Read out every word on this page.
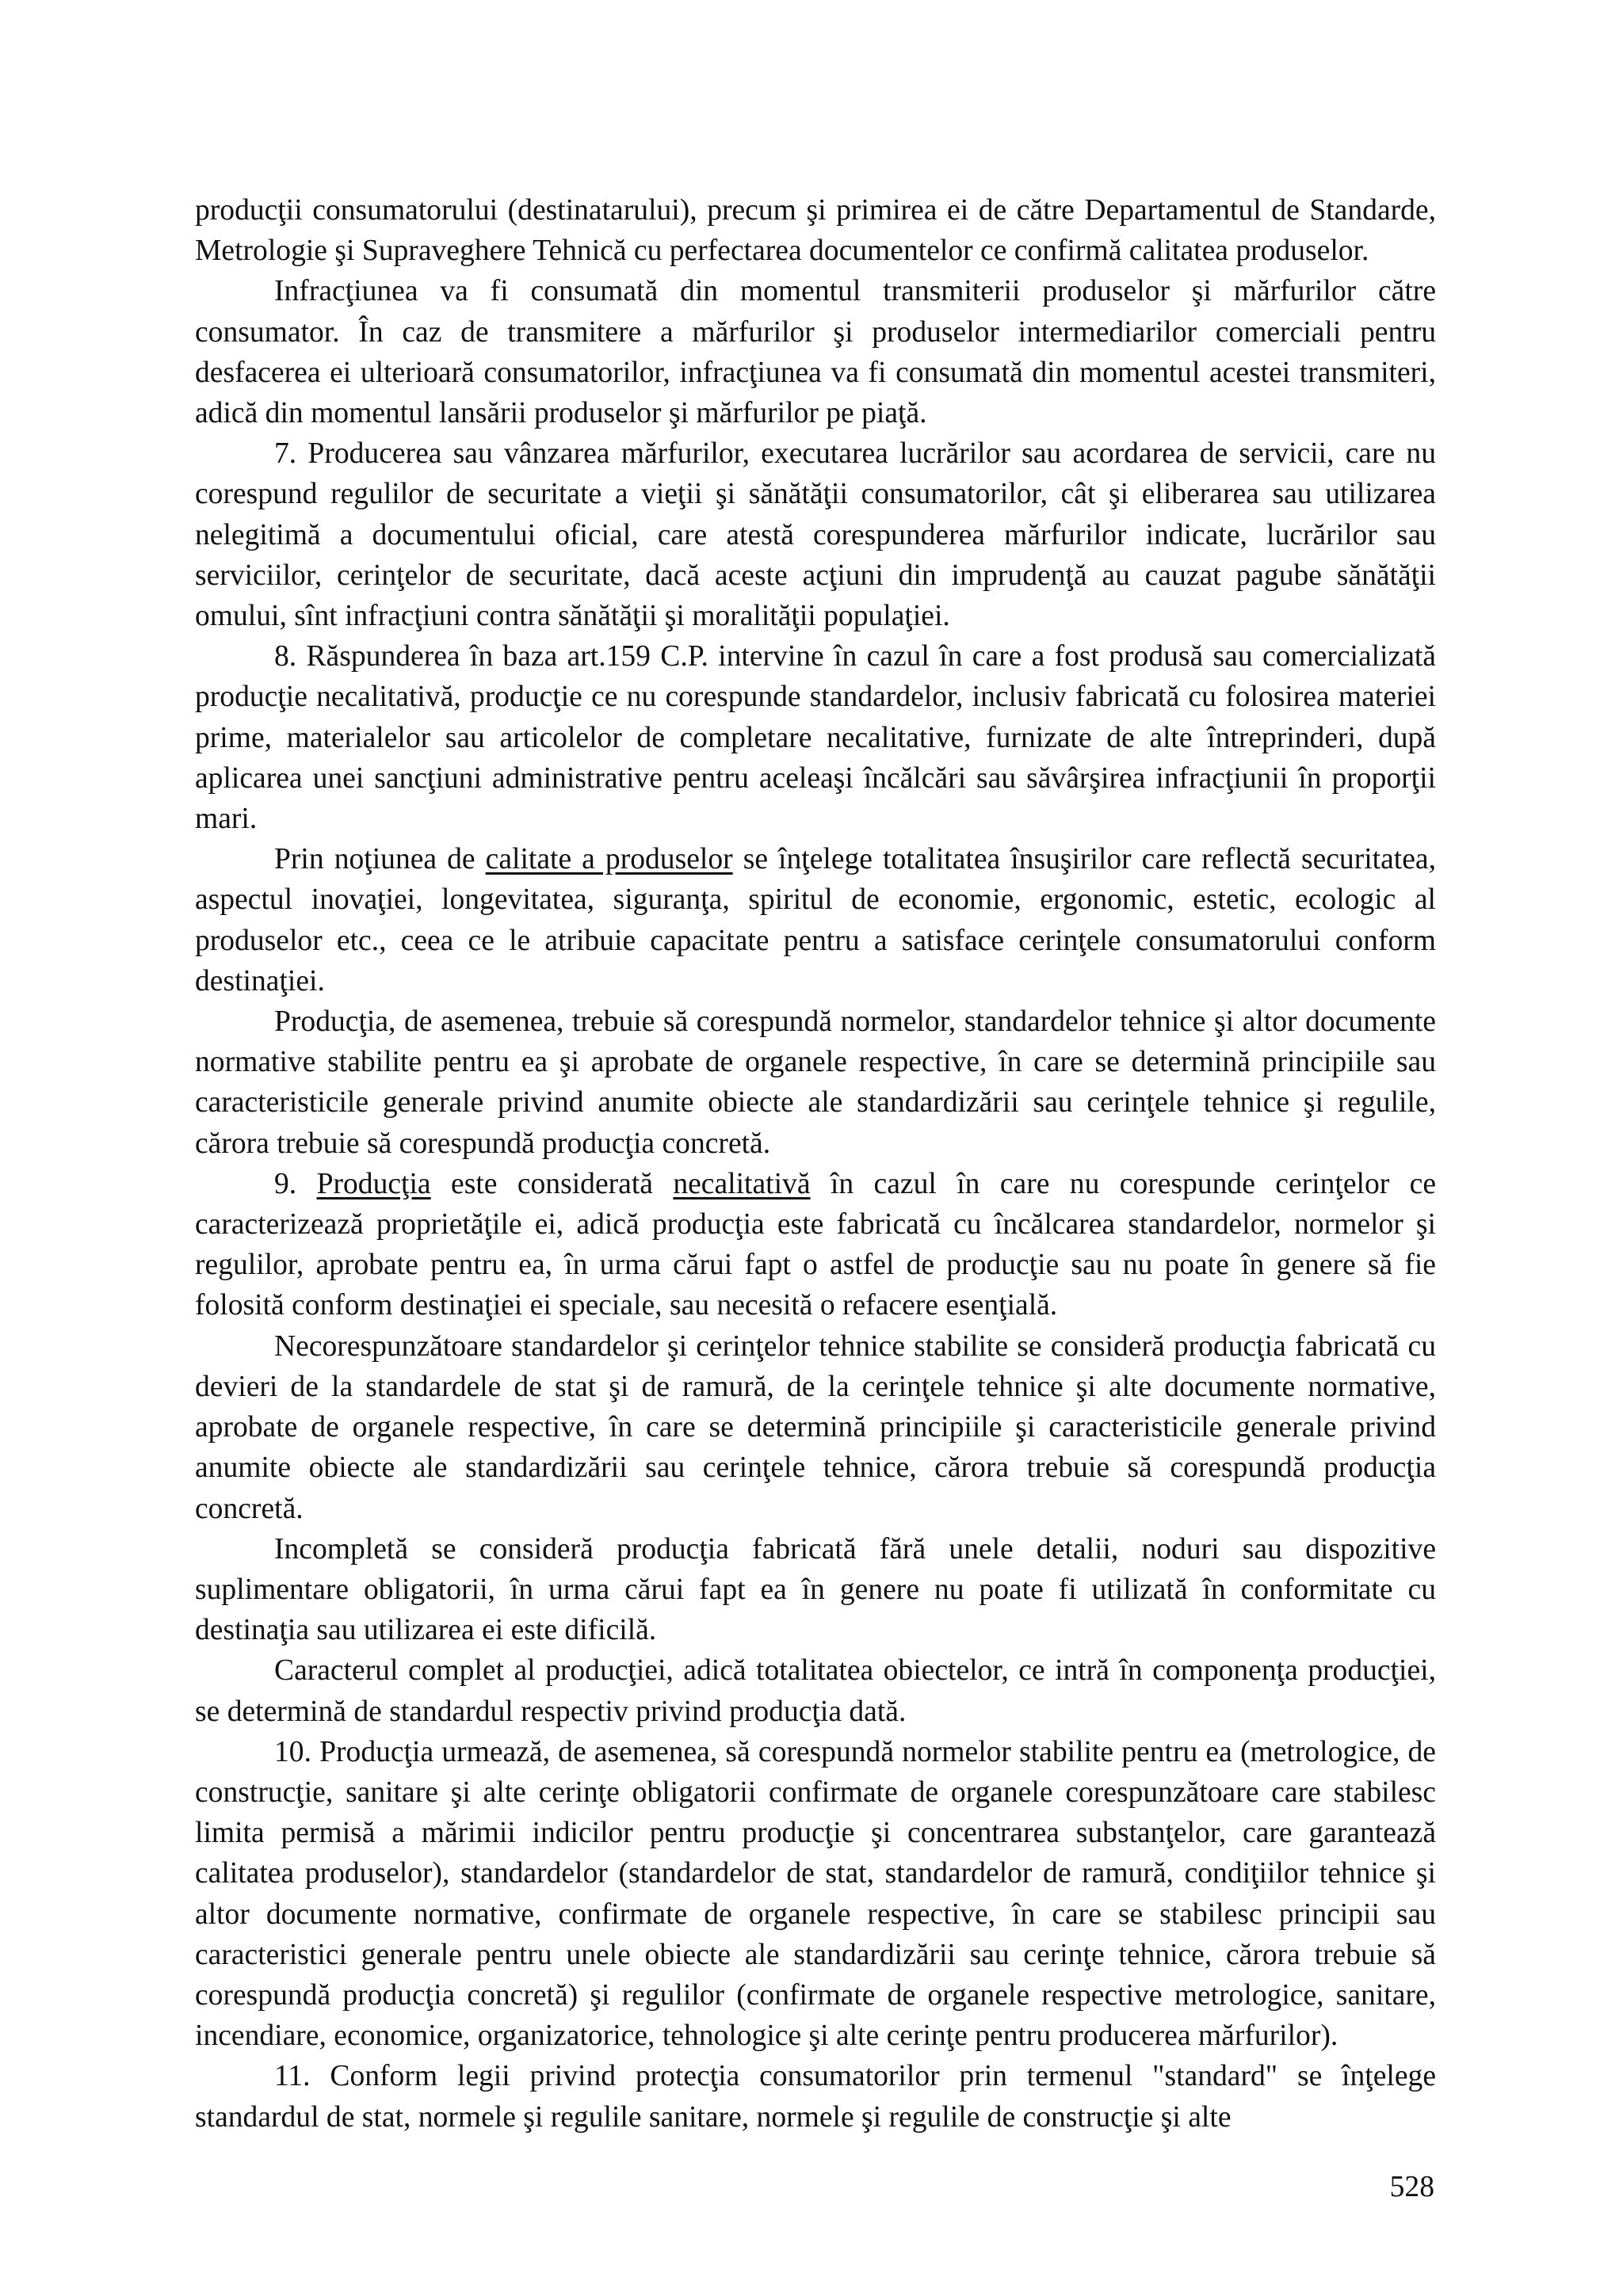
producţii consumatorului (destinatarului), precum şi primirea ei de către Departamentul de Standarde, Metrologie şi Supraveghere Tehnică cu perfectarea documentelor ce confirmă calitatea produselor.

Infracţiunea va fi consumată din momentul transmiterii produselor şi mărfurilor către consumator. În caz de transmitere a mărfurilor şi produselor intermediarilor comerciali pentru desfacerea ei ulterioară consumatorilor, infracţiunea va fi consumată din momentul acestei transmiteri, adică din momentul lansării produselor şi mărfurilor pe piaţă.

7. Producerea sau vânzarea mărfurilor, executarea lucrărilor sau acordarea de servicii, care nu corespund regulilor de securitate a vieţii şi sănătăţii consumatorilor, cât şi eliberarea sau utilizarea nelegitimă a documentului oficial, care atestă corespunderea mărfurilor indicate, lucrărilor sau serviciilor, cerinţelor de securitate, dacă aceste acţiuni din imprudenţă au cauzat pagube sănătăţii omului, sînt infracţiuni contra sănătăţii şi moralităţii populaţiei.

8. Răspunderea în baza art.159 C.P. intervine în cazul în care a fost produsă sau comercializată producţie necalitativă, producţie ce nu corespunde standardelor, inclusiv fabricată cu folosirea materiei prime, materialelor sau articolelor de completare necalitative, furnizate de alte întreprinderi, după aplicarea unei sancţiuni administrative pentru aceleaşi încălcări sau săvârşirea infracţiunii în proporţii mari.

Prin noţiunea de calitate a produselor se înţelege totalitatea însuşirilor care reflectă securitatea, aspectul inovaţiei, longevitatea, siguranţa, spiritul de economie, ergonomic, estetic, ecologic al produselor etc., ceea ce le atribuie capacitate pentru a satisface cerinţele consumatorului conform destinaţiei.

Producţia, de asemenea, trebuie să corespundă normelor, standardelor tehnice şi altor documente normative stabilite pentru ea şi aprobate de organele respective, în care se determină principiile sau caracteristicile generale privind anumite obiecte ale standardizării sau cerinţele tehnice şi regulile, cărora trebuie să corespundă producţia concretă.

9. Producţia este considerată necalitativă în cazul în care nu corespunde cerinţelor ce caracterizează proprietăţile ei, adică producţia este fabricată cu încălcarea standardelor, normelor şi regulilor, aprobate pentru ea, în urma cărui fapt o astfel de producţie sau nu poate în genere să fie folosită conform destinaţiei ei speciale, sau necesită o refacere esenţială.

Necorespunzătoare standardelor şi cerinţelor tehnice stabilite se consideră producţia fabricată cu devieri de la standardele de stat şi de ramură, de la cerinţele tehnice şi alte documente normative, aprobate de organele respective, în care se determină principiile şi caracteristicile generale privind anumite obiecte ale standardizării sau cerinţele tehnice, cărora trebuie să corespundă producţia concretă.

Incompletă se consideră producţia fabricată fără unele detalii, noduri sau dispozitive suplimentare obligatorii, în urma cărui fapt ea în genere nu poate fi utilizată în conformitate cu destinaţia sau utilizarea ei este dificilă.

Caracterul complet al producţiei, adică totalitatea obiectelor, ce intră în componenţa producţiei, se determină de standardul respectiv privind producţia dată.

10. Producţia urmează, de asemenea, să corespundă normelor stabilite pentru ea (metrologice, de construcţie, sanitare şi alte cerinţe obligatorii confirmate de organele corespunzătoare care stabilesc limita permisă a mărimii indicilor pentru producţie şi concentrarea substanţelor, care garantează calitatea produselor), standardelor (standardelor de stat, standardelor de ramură, condiţiilor tehnice şi altor documente normative, confirmate de organele respective, în care se stabilesc principii sau caracteristici generale pentru unele obiecte ale standardizării sau cerinţe tehnice, cărora trebuie să corespundă producţia concretă) şi regulilor (confirmate de organele respective metrologice, sanitare, incendiare, economice, organizatorice, tehnologice şi alte cerinţe pentru producerea mărfurilor).

11. Conform legii privind protecţia consumatorilor prin termenul "standard" se înţelege standardul de stat, normele şi regulile sanitare, normele şi regulile de construcţie şi alte

528
